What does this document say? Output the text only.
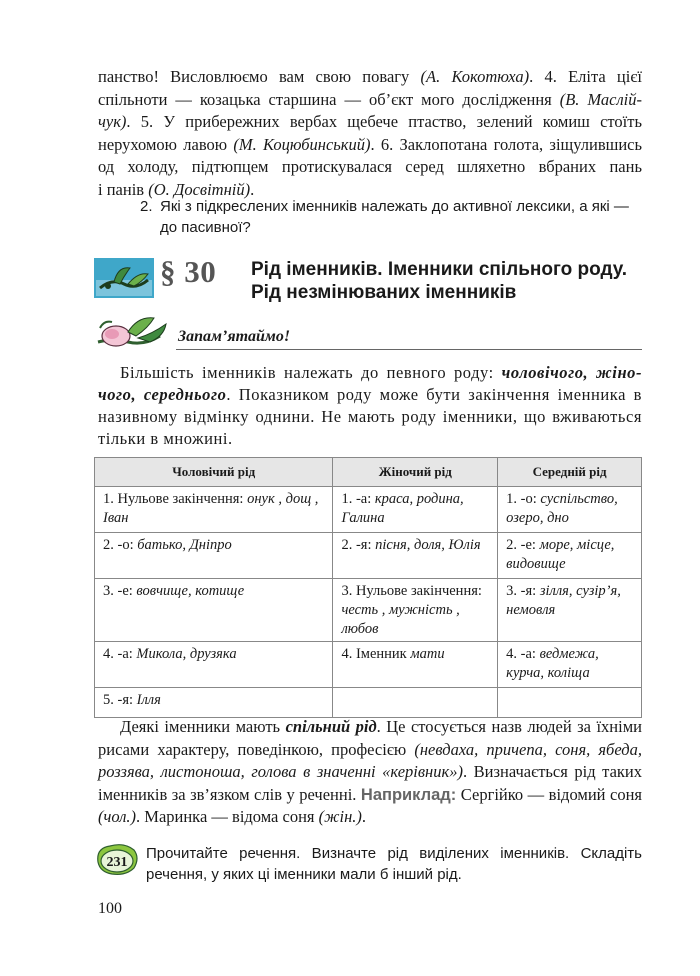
панство! Висловлюємо вам свою повагу (А. Кокотюха). 4. Еліта цієї

спільноти — козацька старшина — об’єкт мого дослідження (В. Маслій-

чук). 5. У прибережних вербах щебече птаство, зелений комиш стоїть

нерухомою лавою (М. Коцюбинський). 6. Заклопотана голота, зіщулившись

од холоду, підтюпцем протискувалася серед шляхетно вбраних пань

і панів (О. Досвітній).

2. Які з підкреслених іменників належать до активної лексики, а які —
до пасивної?
§ 30 Рід іменників. Іменники спільного роду.
Рід незмінюваних іменників
Запам’ятаймо!
Більшість іменників належать до певного роду: чоловічого, жіно- чого, середнього. Показником роду може бути закінчення іменника в називному відмінку однини. Не мають роду іменники, що вживаються тільки в множині.
Чоловічий рід	Жіночий рід	Середній рід
1. Нульове закінчення: онук , дощ , Іван	1. -а: краса, родина, Галина	1. -о: суспільство, озеро, дно
2. -о: батько, Дніпро	2. -я: пісня, доля, Юлія	2. -е: море, місце, видовище
3. -е: вовчище, котище	3. Нульове закінчення: честь , мужність , любов	3. -я: зілля, сузір’я, немовля
4. -а: Микола, друзяка	4. Іменник мати	4. -а: ведмежа, курча, коліща
5. -я: Ілля		
Деякі іменники мають спільний рід. Це стосується назв людей за їхніми рисами характеру, поведінкою, професією (невдаха, причепа, соня, ябеда, роззява, листоноша, голова в значенні «керівник»). Визначається рід таких іменників за зв’язком слів у реченні. Наприклад: Сергійко — відомий соня (чол.). Маринка — відома соня (жін.).
231
Прочитайте речення. Визначте рід виділених іменників. Складіть речення, у яких ці іменники мали б інший рід.
100
